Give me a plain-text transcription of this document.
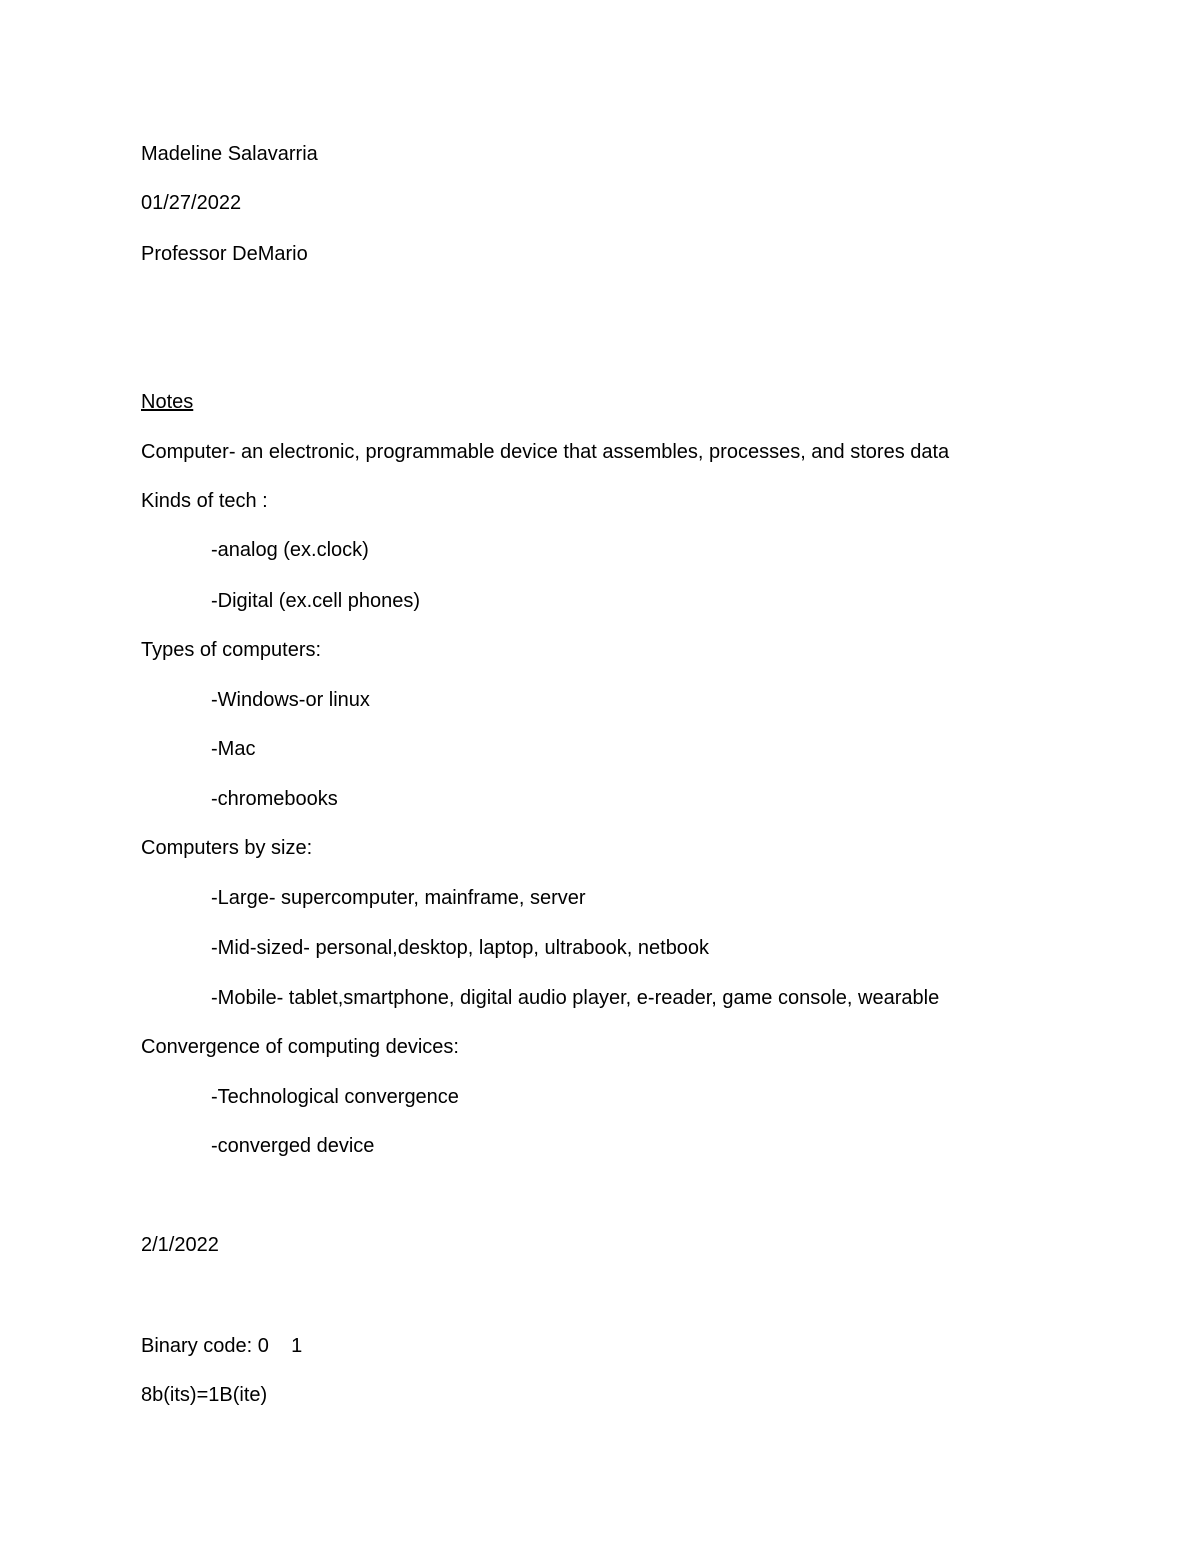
Madeline Salavarria

01/27/2022

Professor DeMario

Notes

Computer- an electronic, programmable device that assembles, processes, and stores data

Kinds of tech :

-analog (ex.clock)

-Digital (ex.cell phones)

Types of computers:

-Windows-or linux

-Mac

-chromebooks

Computers by size:

-Large- supercomputer, mainframe, server

-Mid-sized- personal,desktop, laptop, ultrabook, netbook

-Mobile- tablet,smartphone, digital audio player, e-reader, game console, wearable

Convergence of computing devices:

-Technological convergence

-converged device

2/1/2022

Binary code: 0    1

8b(its)=1B(ite)
